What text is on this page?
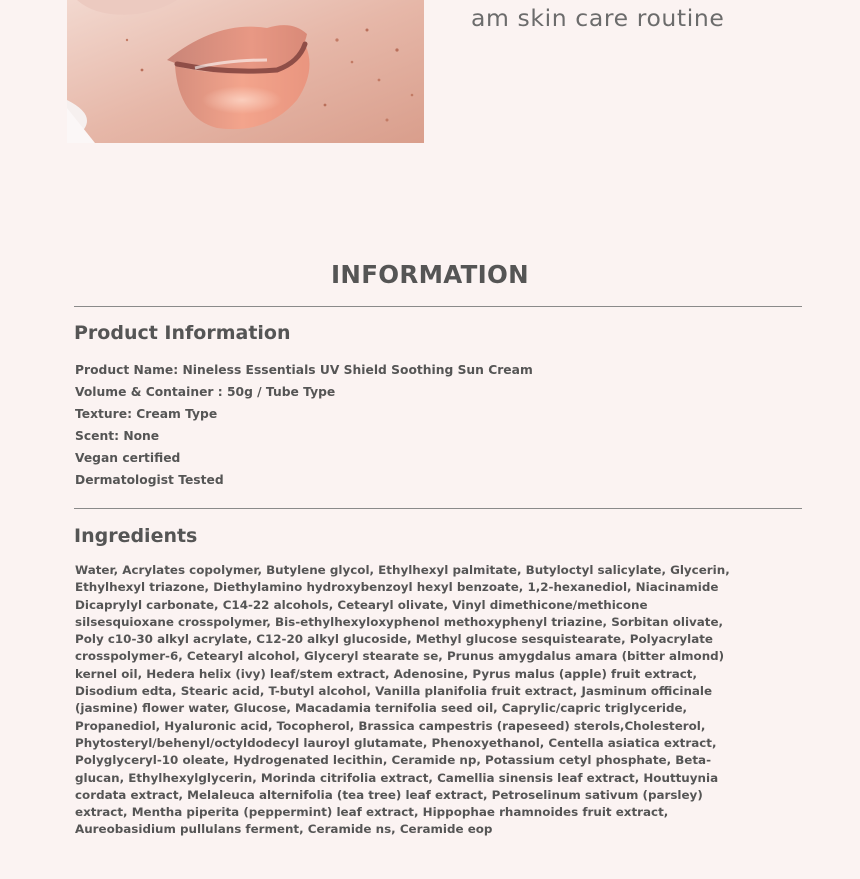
am skin care routine
INFORMATION
Product Information
Product Name: Nineless Essentials UV Shield Soothing Sun Cream
Volume & Container : 50g / Tube Type
Texture: Cream Type
Scent: None
Vegan certified
Dermatologist Tested
Ingredients

Water, Acrylates copolymer, Butylene glycol, Ethylhexyl palmitate, Butyloctyl salicylate, Glycerin,
Ethylhexyl triazone, Diethylamino hydroxybenzoyl hexyl benzoate, 1,2-hexanediol, Niacinamide
Dicaprylyl carbonate, C14-22 alcohols, Cetearyl olivate, Vinyl dimethicone/methicone
silsesquioxane crosspolymer, Bis-ethylhexyloxyphenol methoxyphenyl triazine, Sorbitan olivate,
Poly c10-30 alkyl acrylate, C12-20 alkyl glucoside, Methyl glucose sesquistearate, Polyacrylate
crosspolymer-6, Cetearyl alcohol, Glyceryl stearate se, Prunus amygdalus amara (bitter almond)
kernel oil, Hedera helix (ivy) leaf/stem extract, Adenosine, Pyrus malus (apple) fruit extract,
Disodium edta, Stearic acid, T-butyl alcohol, Vanilla planifolia fruit extract, Jasminum officinale
(jasmine) flower water, Glucose, Macadamia ternifolia seed oil, Caprylic/capric triglyceride,
Propanediol, Hyaluronic acid, Tocopherol, Brassica campestris (rapeseed) sterols,Cholesterol,
Phytosteryl/behenyl/octyldodecyl lauroyl glutamate, Phenoxyethanol, Centella asiatica extract,
Polyglyceryl-10 oleate, Hydrogenated lecithin, Ceramide np, Potassium cetyl phosphate, Beta-
glucan, Ethylhexylglycerin, Morinda citrifolia extract, Camellia sinensis leaf extract, Houttuynia
cordata extract, Melaleuca alternifolia (tea tree) leaf extract, Petroselinum sativum (parsley)
extract, Mentha piperita (peppermint) leaf extract, Hippophae rhamnoides fruit extract,
Aureobasidium pullulans ferment, Ceramide ns, Ceramide eop
